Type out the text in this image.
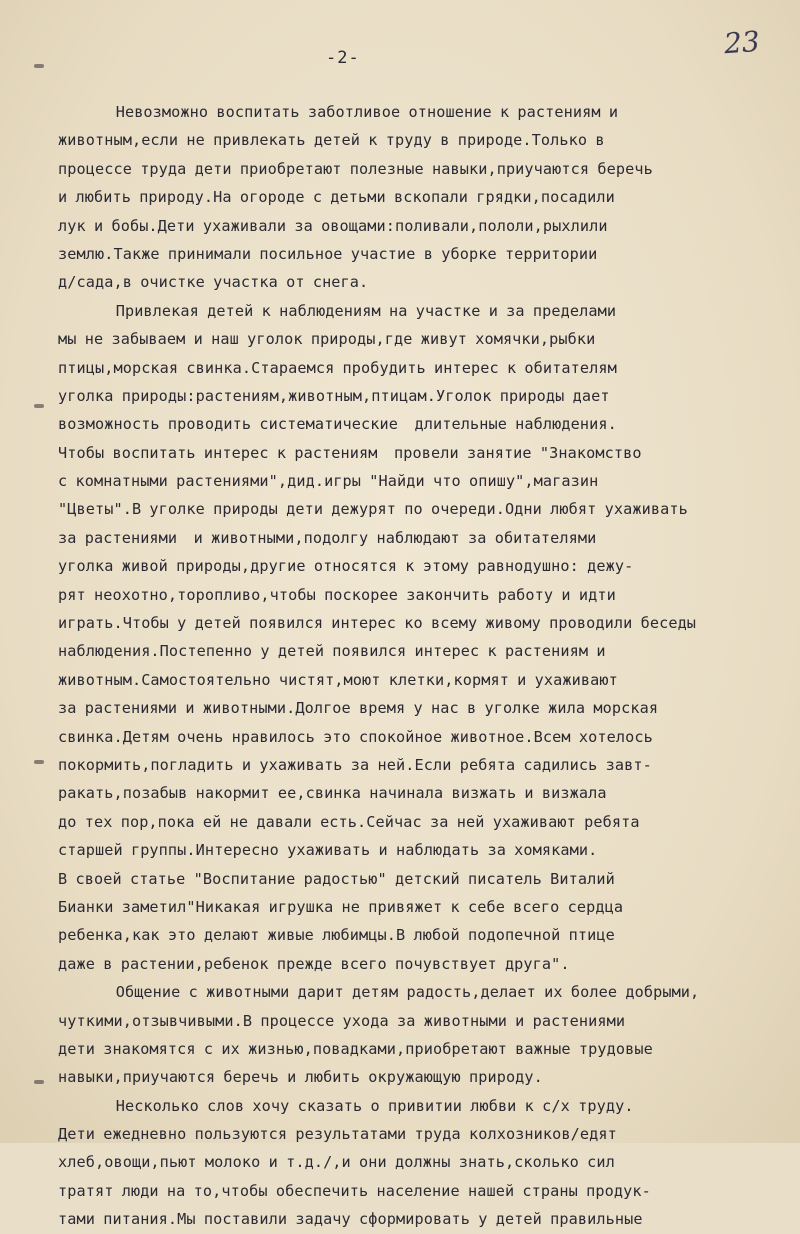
-2-	23
Невозможно воспитать заботливое отношение к растениям и
животным,если не привлекать детей к труду в природе.Только в
процессе труда дети приобретают полезные навыки,приучаются беречь
и любить природу.На огороде с детьми вскопали грядки,посадили
лук и бобы.Дети ухаживали за овощами:поливали,пололи,рыхлили
землю.Также принимали посильное участие в уборке территории
д/сада,в очистке участка от снега.
Привлекая детей к наблюдениям на участке и за пределами
мы не забываем и наш уголок природы,где живут хомячки,рыбки
птицы,морская свинка.Стараемся пробудить интерес к обитателям
уголка природы:растениям,животным,птицам.Уголок природы дает
возможность проводить систематические  длительные наблюдения.
Чтобы воспитать интерес к растениям  провели занятие "Знакомство
с комнатными растениями",дид.игры "Найди что опишу",магазин
"Цветы".В уголке природы дети дежурят по очереди.Одни любят ухаживать
за растениями  и животными,подолгу наблюдают за обитателями
уголка живой природы,другие относятся к этому равнодушно: дежу-
рят неохотно,торопливо,чтобы поскорее закончить работу и идти
играть.Чтобы у детей появился интерес ко всему живому проводили беседы
наблюдения.Постепенно у детей появился интерес к растениям и
животным.Самостоятельно чистят,моют клетки,кормят и ухаживают
за растениями и животными.Долгое время у нас в уголке жила морская
свинка.Детям очень нравилось это спокойное животное.Всем хотелось
покормить,погладить и ухаживать за ней.Если ребята садились завт-
ракать,позабыв накормит ее,свинка начинала визжать и визжала
до тех пор,пока ей не давали есть.Сейчас за ней ухаживают ребята
старшей группы.Интересно ухаживать и наблюдать за хомяками.
В своей статье "Воспитание радостью" детский писатель Виталий
Бианки заметил"Никакая игрушка не привяжет к себе всего сердца
ребенка,как это делают живые любимцы.В любой подопечной птице
даже в растении,ребенок прежде всего почувствует друга".
Общение с животными дарит детям радость,делает их более добрыми,
чуткими,отзывчивыми.В процессе ухода за животными и растениями
дети знакомятся с их жизнью,повадками,приобретают важные трудовые
навыки,приучаются беречь и любить окружающую природу.
Несколько слов хочу сказать о привитии любви к с/х труду.
Дети ежедневно пользуются результатами труда колхозников/едят
хлеб,овощи,пьют молоко и т.д./,и они должны знать,сколько сил
тратят люди на то,чтобы обеспечить население нашей страны продук-
тами питания.Мы поставили задачу сформировать у детей правильные
